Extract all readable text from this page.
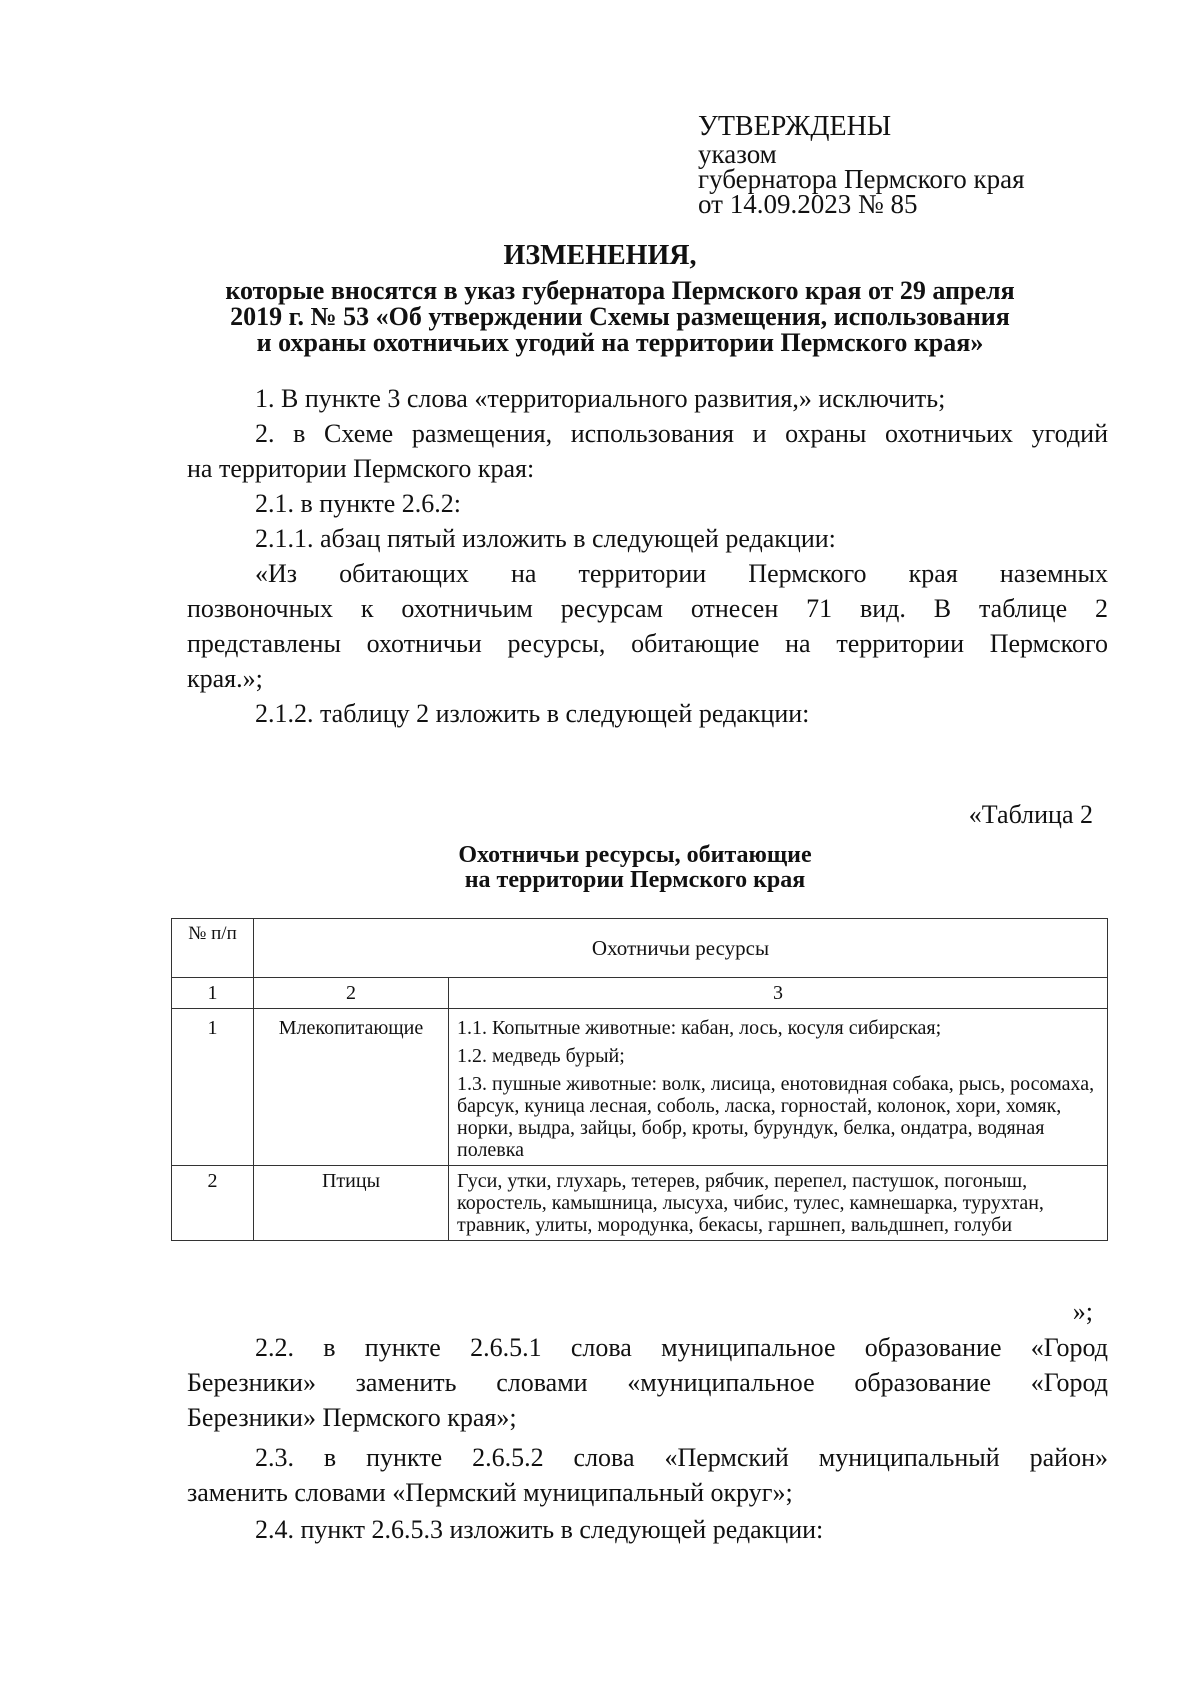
УТВЕРЖДЕНЫ
указом
губернатора Пермского края
от 14.09.2023 № 85
ИЗМЕНЕНИЯ,
которые вносятся в указ губернатора Пермского края от 29 апреля
2019 г. № 53 «Об утверждении Схемы размещения, использования
и охраны охотничьих угодий на территории Пермского края»
1. В пункте 3 слова «территориального развития,» исключить;
2. в Схеме размещения, использования и охраны охотничьих угодий
на территории Пермского края:
2.1. в пункте 2.6.2:
2.1.1. абзац пятый изложить в следующей редакции:
«Из обитающих на территории Пермского края наземных
позвоночных к охотничьим ресурсам отнесен 71 вид. В таблице 2
представлены охотничьи ресурсы, обитающие на территории Пермского
края.»;
2.1.2. таблицу 2 изложить в следующей редакции:
«Таблица 2
Охотничьи ресурсы, обитающие
на территории Пермского края
№ п/п	Охотничьи ресурсы	
1	2	3
1	Млекопитающие	1.1. Копытные животные: кабан, лось, косуля сибирская;
1.2. медведь бурый;
1.3. пушные животные: волк, лисица, енотовидная собака, рысь, росомаха, барсук, куница лесная, соболь, ласка, горностай, колонок, хори, хомяк, норки, выдра, зайцы, бобр, кроты, бурундук, белка, ондатра, водяная полевка

2	Птицы	Гуси, утки, глухарь, тетерев, рябчик, перепел, пастушок, погоныш, коростель, камышница, лысуха, чибис, тулес, камнешарка, турухтан, травник, улиты, мородунка, бекасы, гаршнеп, вальдшнеп, голуби
»;
2.2. в пункте 2.6.5.1 слова муниципальное образование «Город
Березники» заменить словами «муниципальное образование «Город
Березники» Пермского края»;
2.3. в пункте 2.6.5.2 слова «Пермский муниципальный район»
заменить словами «Пермский муниципальный округ»;
2.4. пункт 2.6.5.3 изложить в следующей редакции:
